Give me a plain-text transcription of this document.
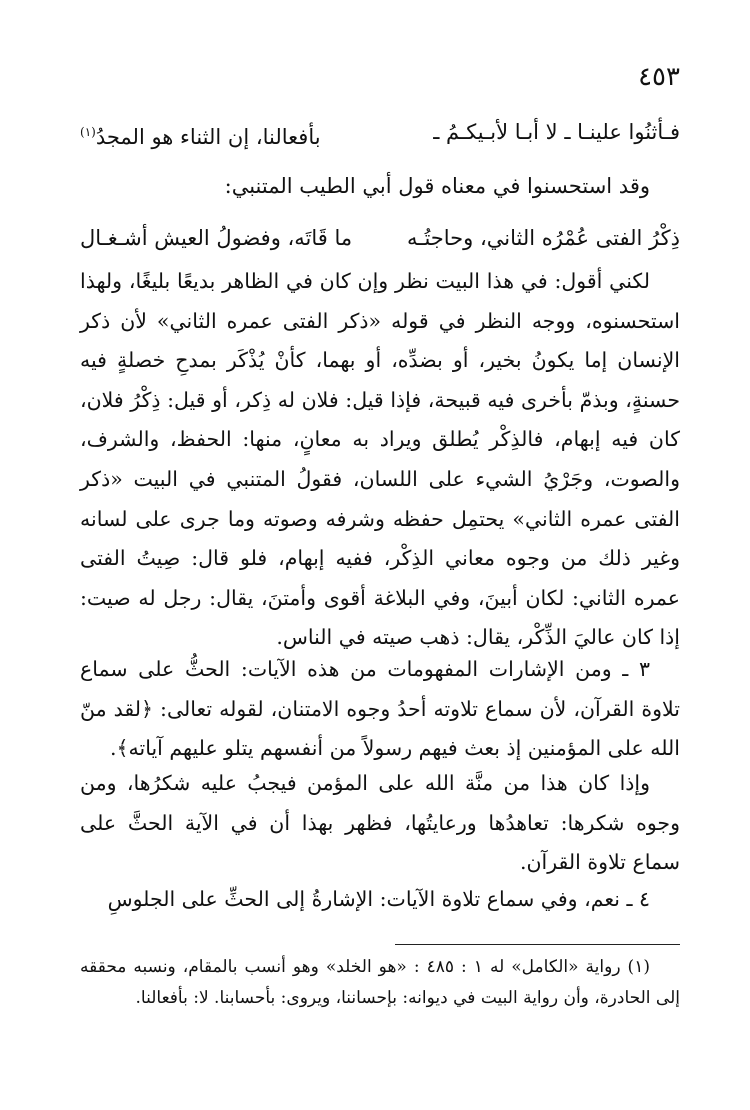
٤٥٣
فـأثنُوا علينـا ـ لا أبـا لأبـيكـمُ ـ
بأفعالنا، إن الثناء هو المجدُ$^{(١)}$
وقد استحسنوا في معناه قول أبي الطيب المتنبي:
ذِكْرُ الفتى عُمْرُه الثاني، وحاجتُـه
ما قَاتَه، وفضولُ العيش أشـغـال

لكني أقول: في هذا البيت نظر وإن كان في الظاهر بديعًا بليغًا، ولهذا استحسنوه، ووجه النظر في قوله «ذكر الفتى عمره الثاني» لأن ذكر الإنسان إما يكونُ بخير، أو بضدِّه، أو بهما، كأنْ يُذْكَر بمدحِ خصلةٍ فيه حسنةٍ، وبذمّ بأخرى فيه قبيحة، فإذا قيل: فلان له ذِكر، أو قيل: ذِكْرُ فلان، كان فيه إبهام، فالذِكْر يُطلق ويراد به معانٍ، منها: الحفظ، والشرف، والصوت، وجَرْيُ الشيء على اللسان، فقولُ المتنبي في البيت «ذكر الفتى عمره الثاني» يحتمِل حفظه وشرفه وصوته وما جرى على لسانه وغير ذلك من وجوه معاني الذِكْر، ففيه إبهام، فلو قال: صِيتُ الفتى عمره الثاني: لكان أبينَ، وفي البلاغة أقوى وأمتنَ، يقال: رجل له صيت: إذا كان عاليَ الذِّكْر، يقال: ذهب صيته في الناس.

٣ ـ ومن الإشارات المفهومات من هذه الآيات: الحثُّ على سماع تلاوة القرآن، لأن سماع تلاوته أحدُ وجوه الامتنان، لقوله تعالى: ﴿لقد منّ الله على المؤمنين إذ بعث فيهم رسولاً من أنفسهم يتلو عليهم آياته﴾.

وإذا كان هذا من منَّة الله على المؤمن فيجبُ عليه شكرُها، ومن وجوه شكرها: تعاهدُها ورعايتُها، فظهر بهذا أن في الآية الحثَّ على سماع تلاوة القرآن.

٤ ـ نعم، وفي سماع تلاوة الآيات: الإشارةُ إلى الحثِّ على الجلوسِ

(١) رواية «الكامل» له ١ : ٤٨٥ : «هو الخلد» وهو أنسب بالمقام، ونسبه محققه إلى الحادرة، وأن رواية البيت في ديوانه: بإحساننا، ويروى: بأحسابنا. لا: بأفعالنا.
